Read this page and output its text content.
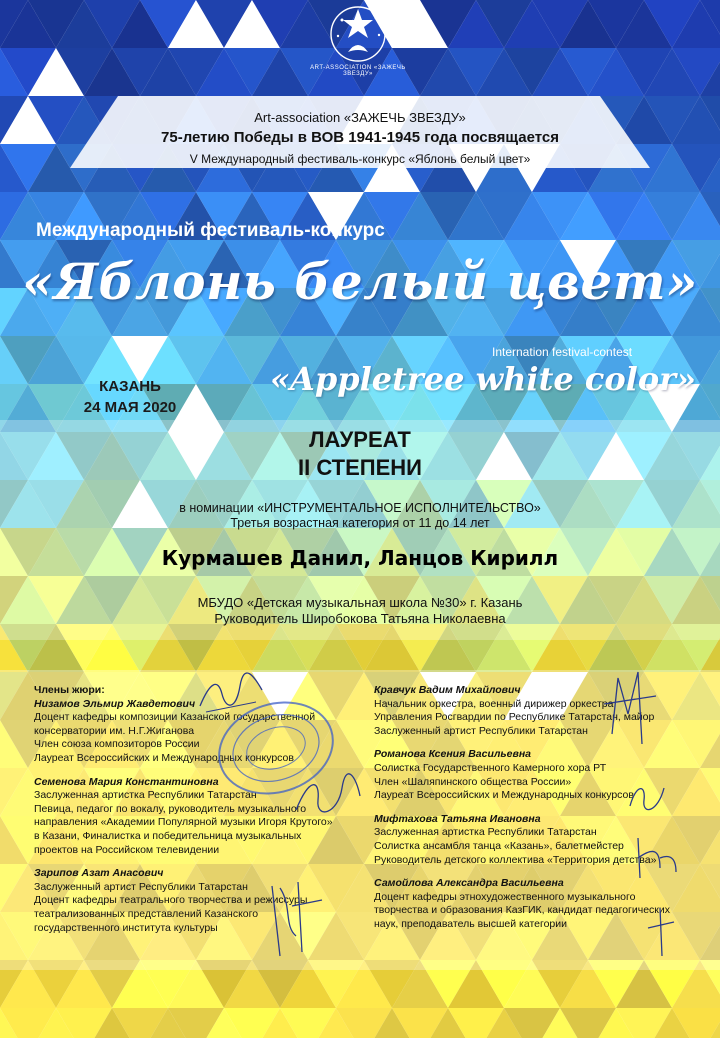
ART-ASSOCIATION «ЗАЖЕЧЬ ЗВЕЗДУ»
Art-association «ЗАЖЕЧЬ ЗВЕЗДУ»
75-летию Победы в ВОВ 1941-1945 года посвящается
V Международный фестиваль-конкурс «Яблонь белый цвет»
Международный фестиваль-конкурс
«Яблонь белый цвет»
Internation festival-contest
«Appletree white color»
КАЗАНЬ
24 МАЯ 2020
ЛАУРЕАТ
II СТЕПЕНИ
в номинации «ИНСТРУМЕНТАЛЬНОЕ ИСПОЛНИТЕЛЬСТВО»
Третья возрастная категория от 11 до 14 лет
Курмашев Данил, Ланцов Кирилл
МБУДО «Детская музыкальная школа №30» г. Казань
Руководитель Широбокова Татьяна Николаевна
Члены жюри:
Низамов Эльмир Жавдетович
Доцент кафедры композиции Казанской государственной
консерватории им. Н.Г.Жиганова
Член союза композиторов России
Лауреат Всероссийских и Международных конкурсов
Семенова Мария Константиновна
Заслуженная артистка Республики Татарстан
Певица, педагог по вокалу, руководитель музыкального
направления «Академии Популярной музыки Игоря Крутого»
в Казани, Финалистка и победительница музыкальных
проектов на Российском телевидении
Зарипов Азат Анасович
Заслуженный артист Республики Татарстан
Доцент кафедры театрального творчества и режиссуры
театрализованных представлений Казанского
государственного института культуры
Кравчук Вадим Михайлович
Начальник оркестра, военный дирижер оркестра
Управления Росгвардии по Республике Татарстан, майор
Заслуженный артист Республики Татарстан
Романова Ксения Васильевна
Солистка Государственного Камерного хора РТ
Член «Шаляпинского общества России»
Лауреат Всероссийских и Международных конкурсов
Мифтахова Татьяна Ивановна
Заслуженная артистка Республики Татарстан
Солистка ансамбля танца «Казань», балетмейстер
Руководитель детского коллектива «Территория детства»
Самойлова Александра Васильевна
Доцент кафедры этнохудожественного музыкального
творчества и образования КазГИК, кандидат педагогических
наук, преподаватель высшей категории
